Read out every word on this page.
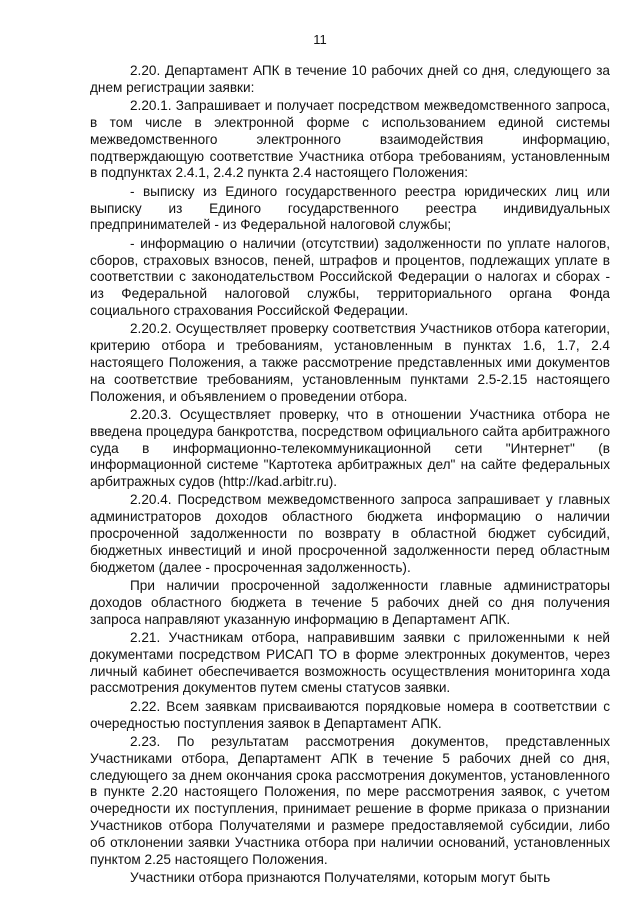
11

2.20. Департамент АПК в течение 10 рабочих дней со дня, следующего за днем регистрации заявки:

2.20.1. Запрашивает и получает посредством межведомственного запроса, в том числе в электронной форме с использованием единой системы межведомственного электронного взаимодействия информацию, подтверждающую соответствие Участника отбора требованиям, установленным в подпунктах 2.4.1, 2.4.2 пункта 2.4 настоящего Положения:

- выписку из Единого государственного реестра юридических лиц или выписку из Единого государственного реестра индивидуальных предпринимателей - из Федеральной налоговой службы;

- информацию о наличии (отсутствии) задолженности по уплате налогов, сборов, страховых взносов, пеней, штрафов и процентов, подлежащих уплате в соответствии с законодательством Российской Федерации о налогах и сборах - из Федеральной налоговой службы, территориального органа Фонда социального страхования Российской Федерации.

2.20.2. Осуществляет проверку соответствия Участников отбора категории, критерию отбора и требованиям, установленным в пунктах 1.6, 1.7, 2.4 настоящего Положения, а также рассмотрение представленных ими документов на соответствие требованиям, установленным пунктами 2.5-2.15 настоящего Положения, и объявлением о проведении отбора.

2.20.3. Осуществляет проверку, что в отношении Участника отбора не введена процедура банкротства, посредством официального сайта арбитражного суда в информационно-телекоммуникационной сети "Интернет" (в информационной системе "Картотека арбитражных дел" на сайте федеральных арбитражных судов (http://kad.arbitr.ru).

2.20.4. Посредством межведомственного запроса запрашивает у главных администраторов доходов областного бюджета информацию о наличии просроченной задолженности по возврату в областной бюджет субсидий, бюджетных инвестиций и иной просроченной задолженности перед областным бюджетом (далее - просроченная задолженность).

При наличии просроченной задолженности главные администраторы доходов областного бюджета в течение 5 рабочих дней со дня получения запроса направляют указанную информацию в Департамент АПК.

2.21. Участникам отбора, направившим заявки с приложенными к ней документами посредством РИСАП ТО в форме электронных документов, через личный кабинет обеспечивается возможность осуществления мониторинга хода рассмотрения документов путем смены статусов заявки.

2.22. Всем заявкам присваиваются порядковые номера в соответствии с очередностью поступления заявок в Департамент АПК.

2.23. По результатам рассмотрения документов, представленных Участниками отбора, Департамент АПК в течение 5 рабочих дней со дня, следующего за днем окончания срока рассмотрения документов, установленного в пункте 2.20 настоящего Положения, по мере рассмотрения заявок, с учетом очередности их поступления, принимает решение в форме приказа о признании Участников отбора Получателями и размере предоставляемой субсидии, либо об отклонении заявки Участника отбора при наличии оснований, установленных пунктом 2.25 настоящего Положения.

Участники отбора признаются Получателями, которым могут быть
